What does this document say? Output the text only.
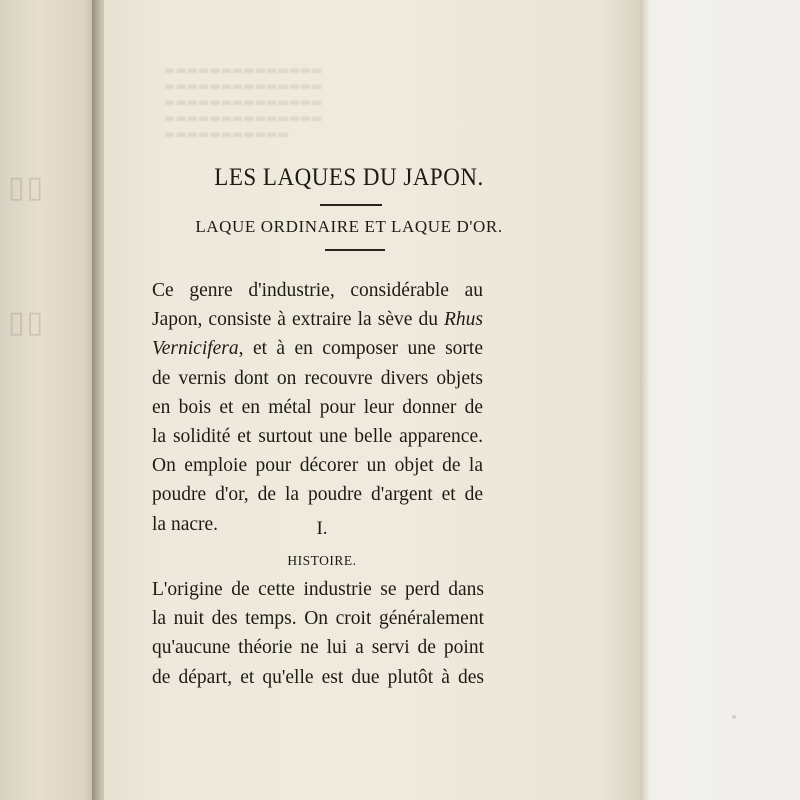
▯▯
▯▯
▬▬▬▬▬▬▬▬▬▬▬▬▬▬
▬▬▬▬▬▬▬▬▬▬▬▬▬▬
▬▬▬▬▬▬▬▬▬▬▬▬▬▬
▬▬▬▬▬▬▬▬▬▬▬▬▬▬
▬▬▬▬▬▬▬▬▬▬▬
LES LAQUES DU JAPON.
LAQUE ORDINAIRE ET LAQUE D'OR.
Ce genre d'industrie, considérable au
Japon, consiste à extraire la sève du Rhus
Vernicifera, et à en composer une sorte
de vernis dont on recouvre divers objets
en bois et en métal pour leur donner de
la solidité et surtout une belle apparence.
On emploie pour décorer un objet de la
poudre d'or, de la poudre d'argent et de
la nacre.	I.
HISTOIRE.
L'origine de cette industrie se perd dans
la nuit des temps. On croit généralement
qu'aucune théorie ne lui a servi de point
de départ, et qu'elle est due plutôt à des
